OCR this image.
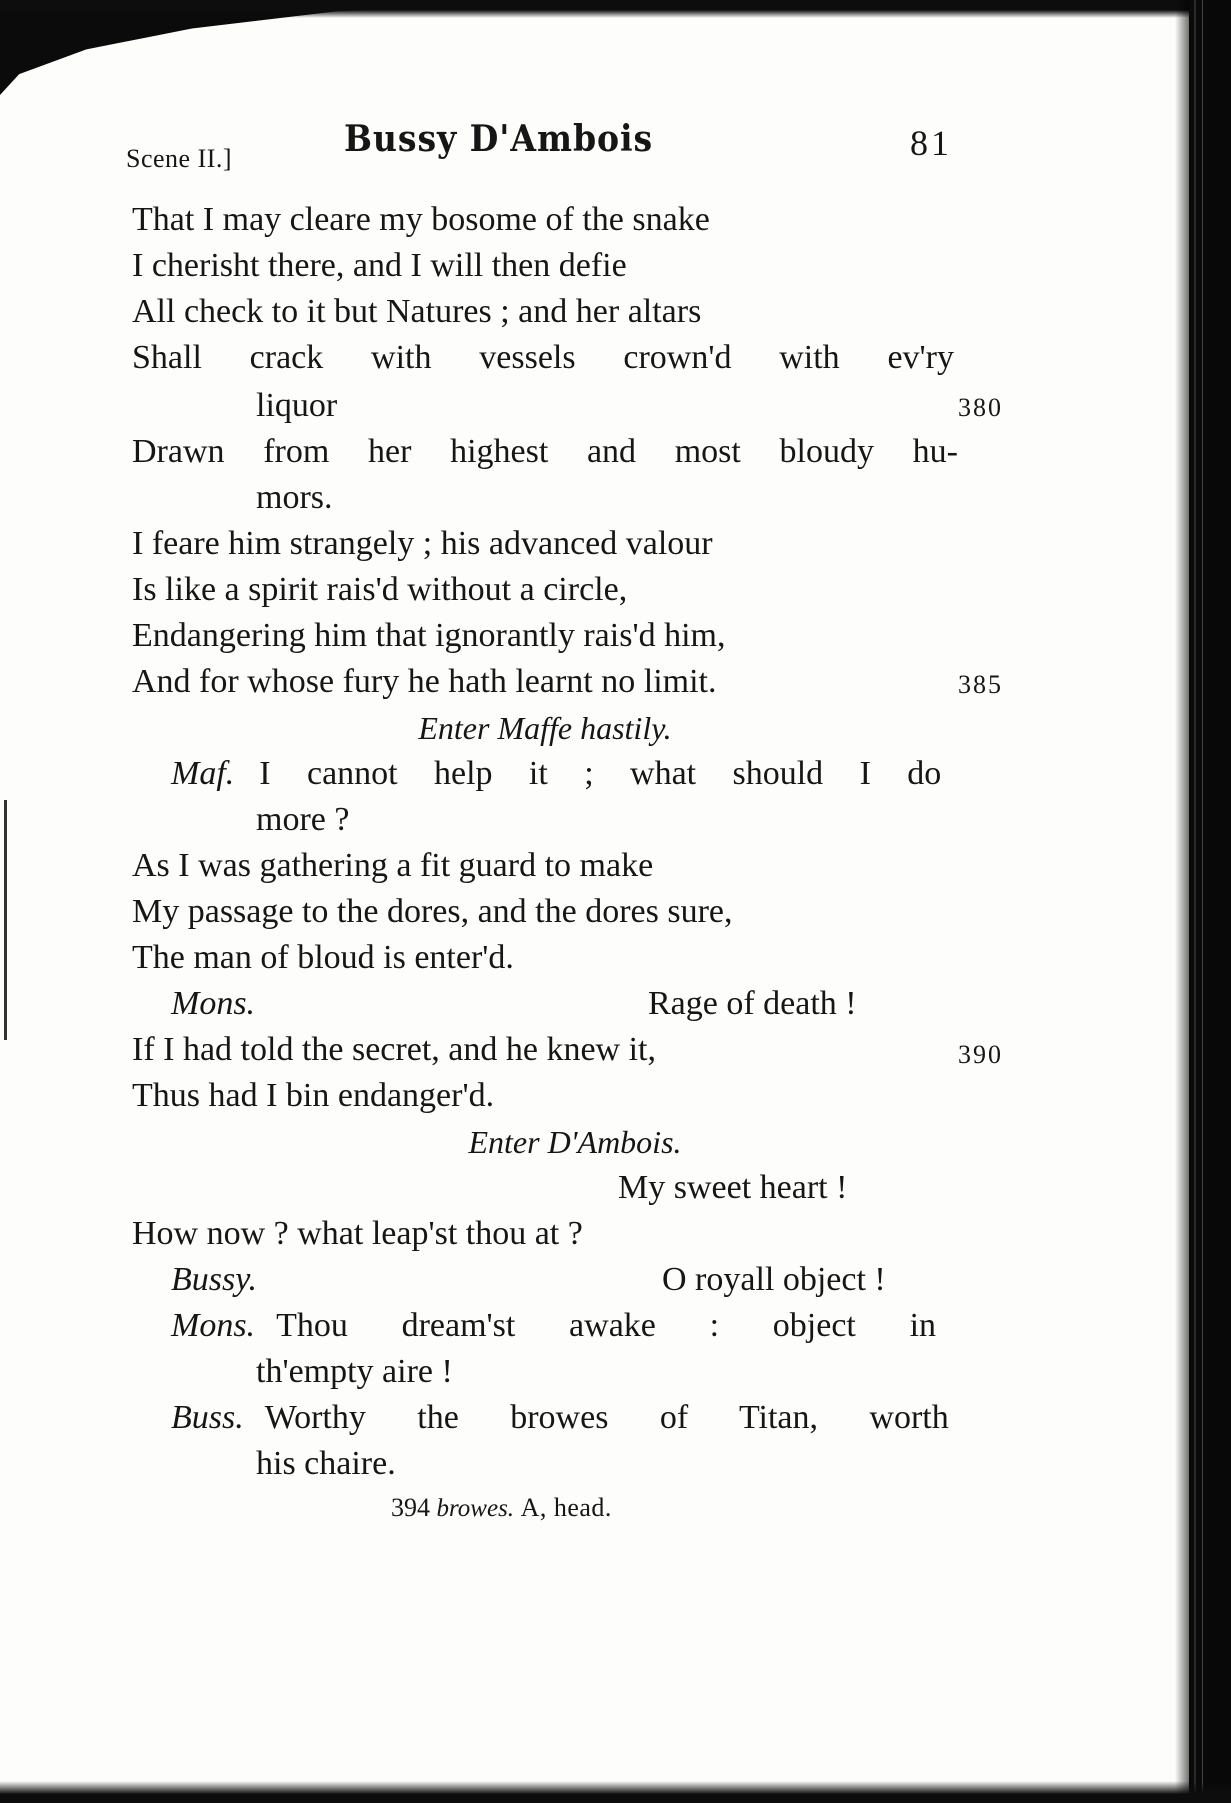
Scene II.]	Bussy D'Ambois	81
That I may cleare my bosome of the snake
I cherisht there, and I will then defie
All check to it but Natures ; and her altars
Shall crack with vessels crown'd with ev'ry
liquor	380
Drawn from her highest and most bloudy hu-
mors.
I feare him strangely ; his advanced valour
Is like a spirit rais'd without a circle,
Endangering him that ignorantly rais'd him,
And for whose fury he hath learnt no limit.	385
Enter Maffe hastily.
Maf. I cannot help it ; what should I do
more ?
As I was gathering a fit guard to make
My passage to the dores, and the dores sure,
The man of bloud is enter'd.
Mons.	Rage of death !
If I had told the secret, and he knew it,	390
Thus had I bin endanger'd.
Enter D'Ambois.
My sweet heart !
How now ? what leap'st thou at ?
Bussy.	O royall object !
Mons. Thou dream'st awake : object in
th'empty aire !
Buss. Worthy the browes of Titan, worth
his chaire.
394 browes. A, head.
